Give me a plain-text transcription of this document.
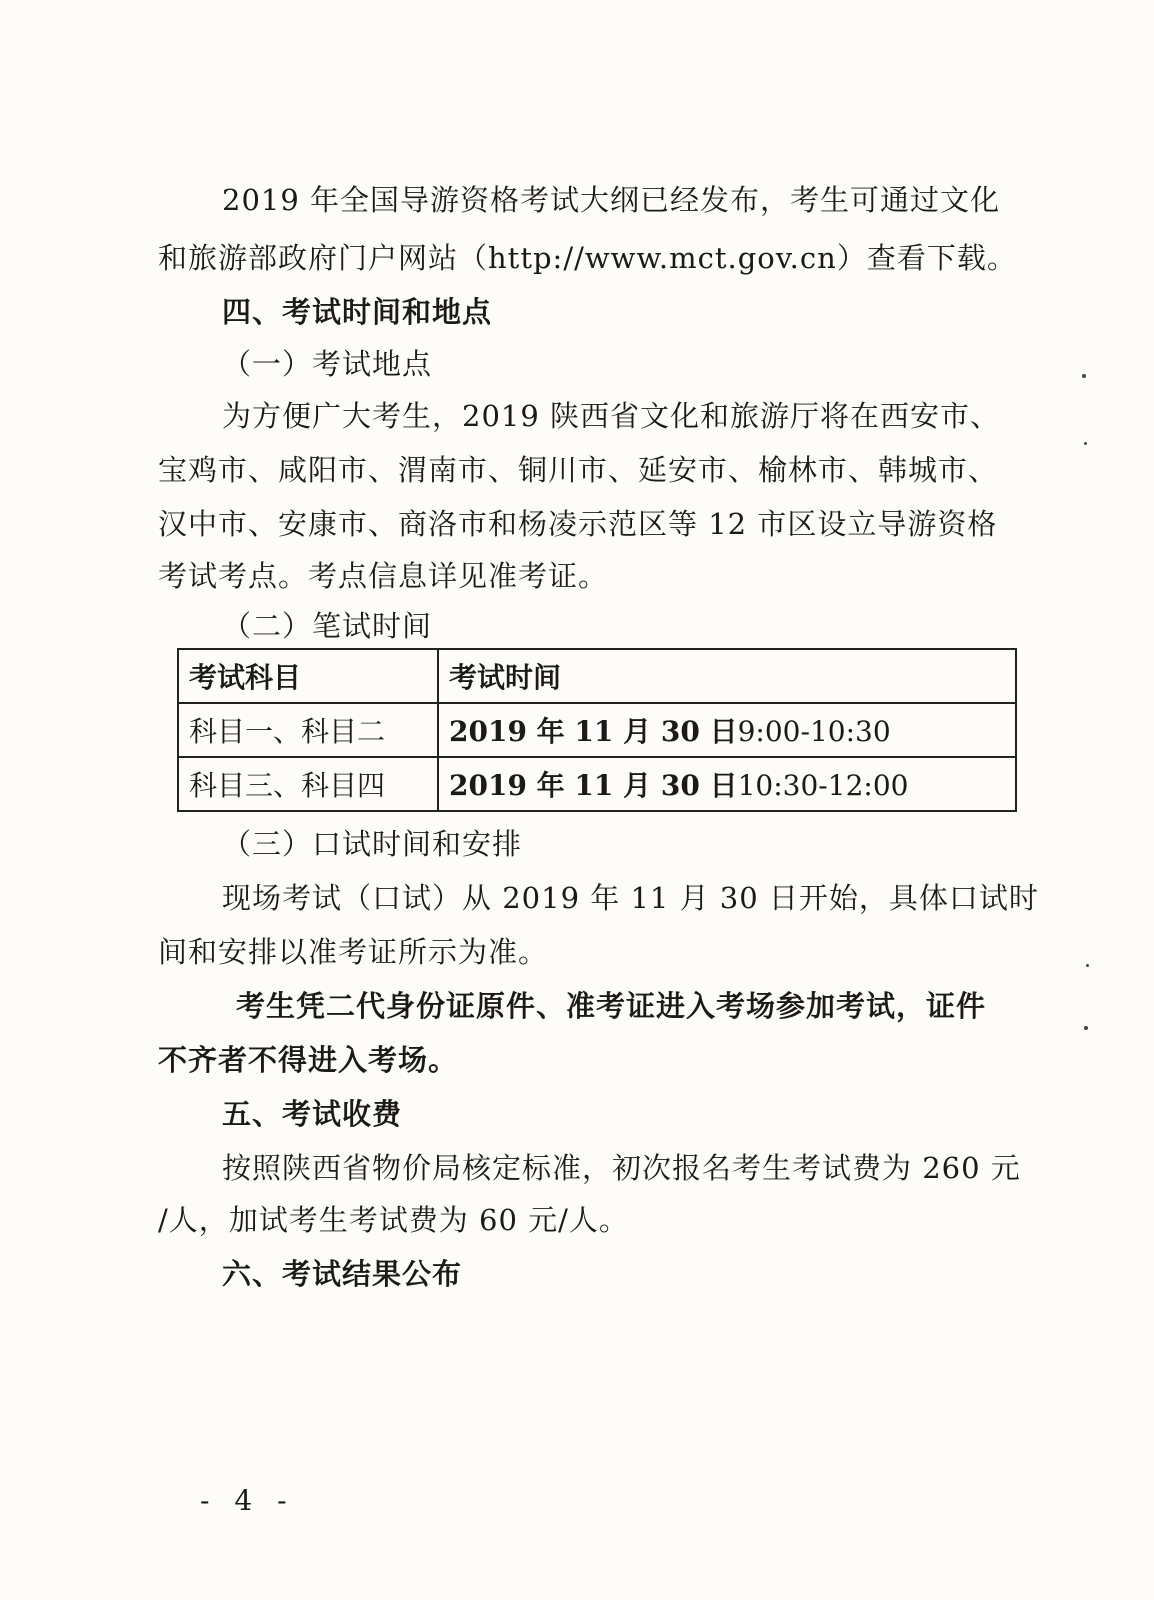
2019 年全国导游资格考试大纲已经发布，考生可通过文化
和旅游部政府门户网站（http://www.mct.gov.cn）查看下载。
四、考试时间和地点
（一）考试地点
为方便广大考生，2019 陕西省文化和旅游厅将在西安市、
宝鸡市、咸阳市、渭南市、铜川市、延安市、榆林市、韩城市、
汉中市、安康市、商洛市和杨凌示范区等 12 市区设立导游资格
考试考点。考点信息详见准考证。
（二）笔试时间
考试科目	考试时间
科目一、科目二	2019 年 11 月 30 日9:00-10:30
科目三、科目四	2019 年 11 月 30 日10:30-12:00
（三）口试时间和安排
现场考试（口试）从 2019 年 11 月 30 日开始，具体口试时
间和安排以准考证所示为准。
考生凭二代身份证原件、准考证进入考场参加考试，证件
不齐者不得进入考场。
五、考试收费
按照陕西省物价局核定标准，初次报名考生考试费为 260 元
/人，加试考生考试费为 60 元/人。
六、考试结果公布
- 4 -
